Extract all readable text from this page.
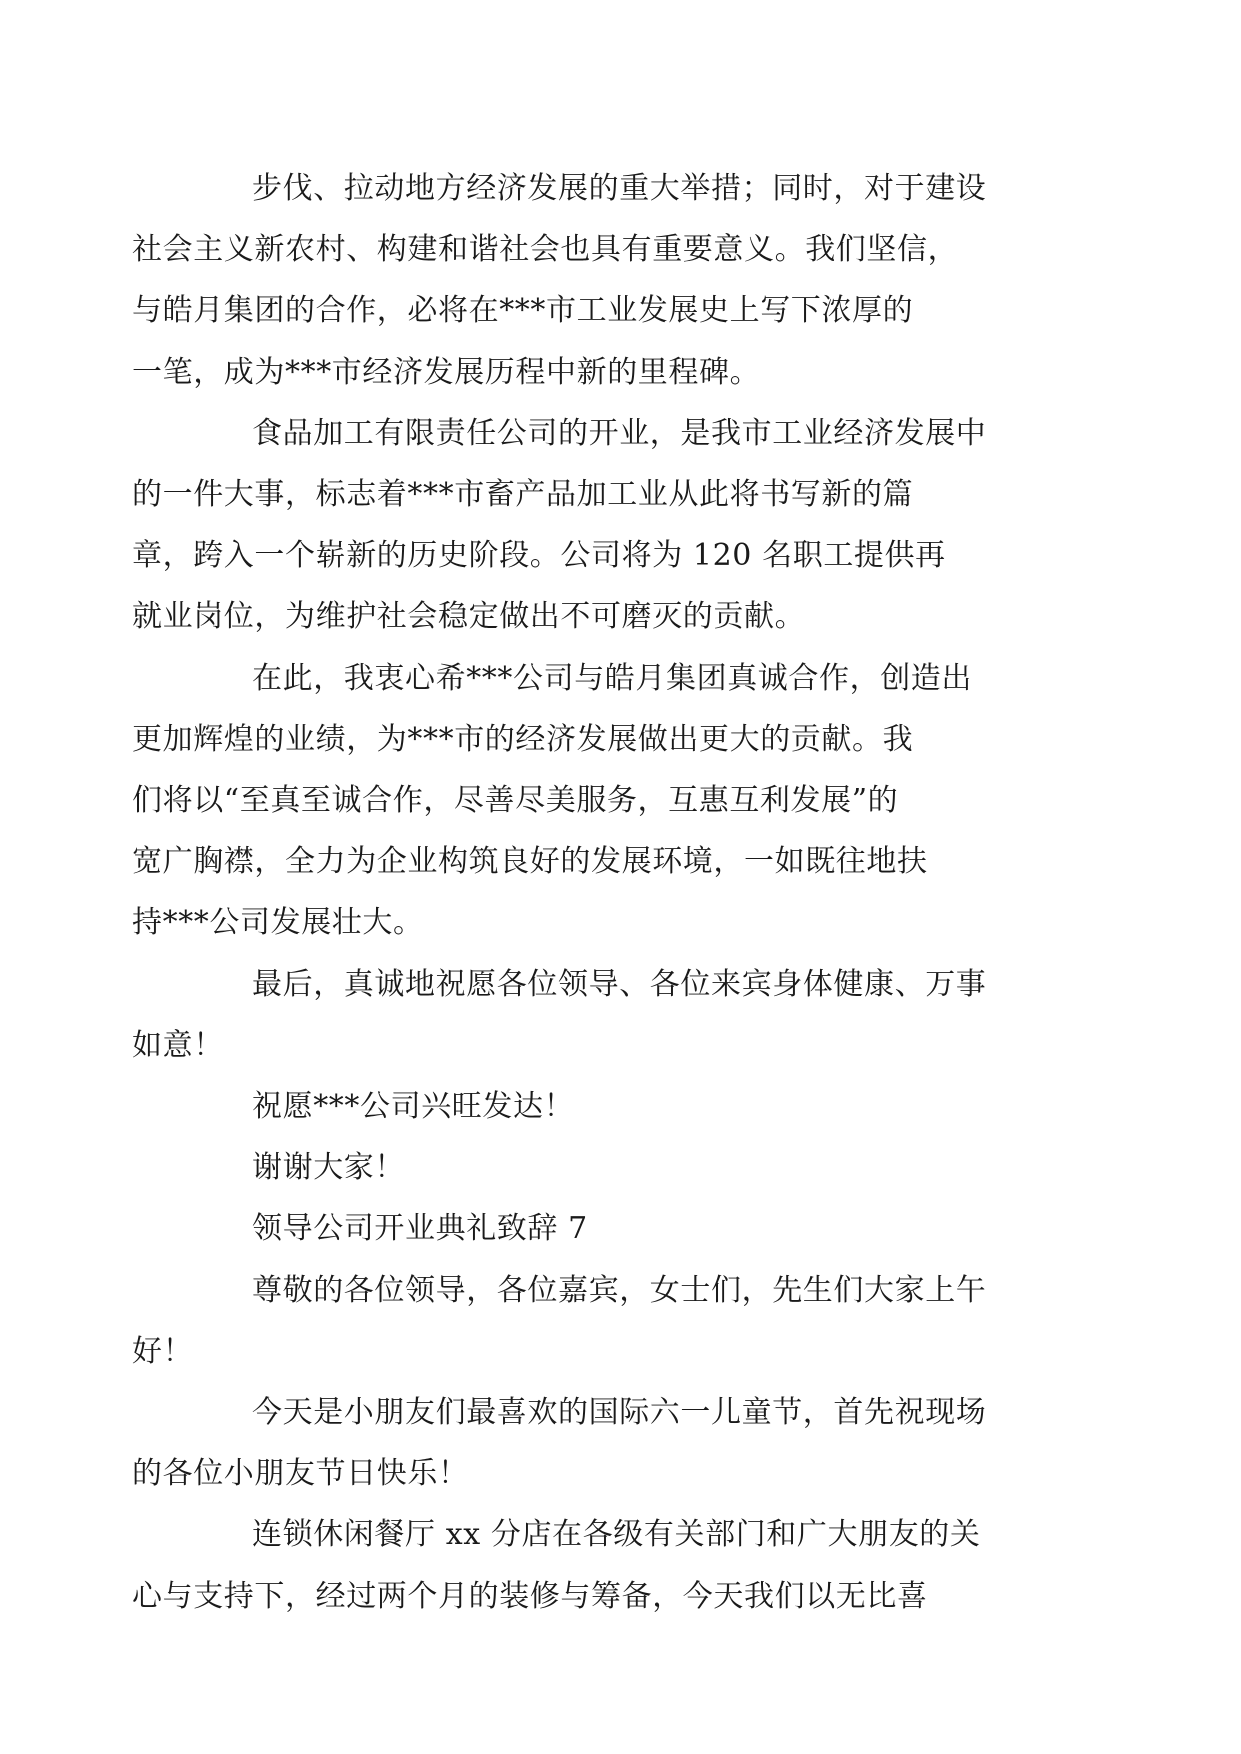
步伐、拉动地方经济发展的重大举措；同时，对于建设
社会主义新农村、构建和谐社会也具有重要意义。我们坚信，
与皓月集团的合作，必将在***市工业发展史上写下浓厚的
一笔，成为***市经济发展历程中新的里程碑。

食品加工有限责任公司的开业，是我市工业经济发展中
的一件大事，标志着***市畜产品加工业从此将书写新的篇
章，跨入一个崭新的历史阶段。公司将为 120 名职工提供再
就业岗位，为维护社会稳定做出不可磨灭的贡献。

在此，我衷心希***公司与皓月集团真诚合作，创造出
更加辉煌的业绩，为***市的经济发展做出更大的贡献。我
们将以“至真至诚合作，尽善尽美服务，互惠互利发展”的
宽广胸襟，全力为企业构筑良好的发展环境，一如既往地扶
持***公司发展壮大。

最后，真诚地祝愿各位领导、各位来宾身体健康、万事
如意！

祝愿***公司兴旺发达！

谢谢大家！

领导公司开业典礼致辞 7

尊敬的各位领导，各位嘉宾，女士们，先生们大家上午
好！

今天是小朋友们最喜欢的国际六一儿童节，首先祝现场
的各位小朋友节日快乐！

连锁休闲餐厅 xx 分店在各级有关部门和广大朋友的关
心与支持下，经过两个月的装修与筹备，今天我们以无比喜
